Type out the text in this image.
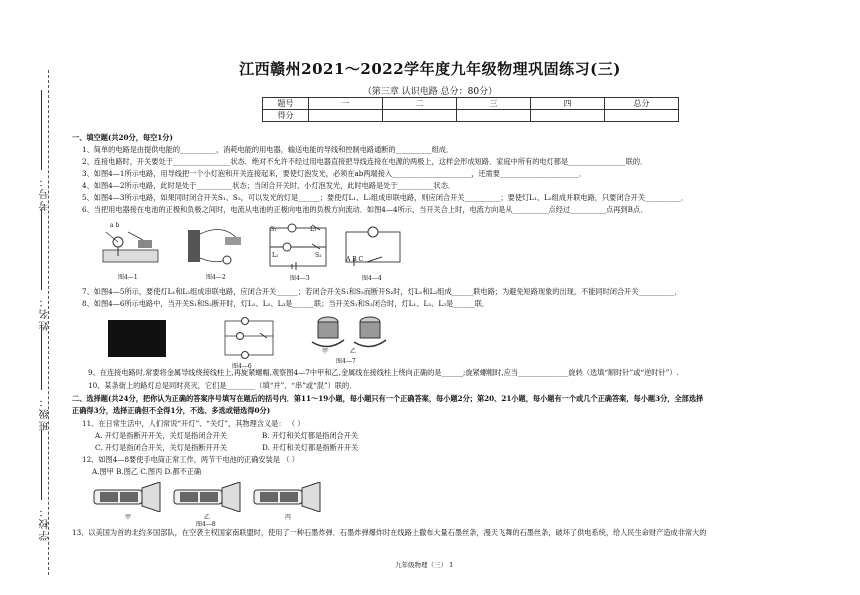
考号：
姓名：
班级：
学校：
江西赣州2021～2022学年度九年级物理巩固练习(三)
（第三章 认识电路 总分：80分）
题号	一	二	三	四	总分
得分					
一、填空题(共20分，每空1分)
1、简单的电路是由提供电能的__________，消耗电能的用电器，输送电能的导线和控制电路通断的__________组成．
2、连接电路时，开关要处于________________状态．绝对不允许不经过用电器直接把导线连接在电源的两极上，这样会形成短路．家庭中所有的电灯都是________________联的．
3、如图4—1所示电路，用导线把一个小灯泡和开关连接起来，要使灯泡发光，必须在ab两端接入______________________，还需要______________________．
4、如图4—2所示电路，此时是处于__________状态；当闭合开关时，小灯泡发光，此时电路是处于__________状态．
5、如图4—3所示电路，如果同时闭合开关S₁、S₂，可以发光的灯是______；要使灯L₁、L₂组成串联电路，则应闭合开关__________；要使灯L₁、L₂组成并联电路，只要闭合开关__________．
6、当把用电器接在电池的正极和负极之间时，电流从电池的正极向电池的负极方向流动．如图4—4所示，当开关合上时，电流方向是从__________点经过__________点再到B点．
a b
图4—1	图4—2
S₁	L₁
L₂	S₂
图4—3
A B C
图4—4
7、如图4—5所示，要使灯L₁和L₂组成串联电路，应闭合开关______；若闭合开关S₁和S₃而断开S₂时，灯L₁和L₂组成______联电路；为避免短路现象的出现，不能同时闭合开关__________．
8、如图4—6所示电路中，当开关S₁和S₂断开时，灯L₁、L₂、L₃是______联；当开关S₁和S₂闭合时，灯L₁、L₂、L₃是______联．
图4—6
甲	乙
图4—7
9、在连接电路时,常要将金属导线绕接线柱上,再旋紧螺帽,观察图4—7中甲和乙,金属线在接线柱上绕向正确的是______;旋紧螺帽时,应当______________旋转（选填“顺时针”或“逆时针”）.
10、某条街上的路灯总是同时亮灭，它们是________（填“并”、“串”或“混”）联的．
二、选择题(共24分，把你认为正确的答案序号填写在题后的括号内．第11～19小题，每小题只有一个正确答案，每小题2分；第20、21小题，每小题有一个或几个正确答案，每小题3分，全部选择
正确得3分，选择正确但不全得1分，不选、多选或错选得0分)
11、在日常生活中，人们常说“开灯”、“关灯”，其物理含义是： （ ）
A. 开灯是指断开开关，关灯是指闭合开关	B. 开灯和关灯都是指闭合开关
C. 开灯是指闭合开关，关灯是指断开开关	D. 开灯和关灯都是指断开开关
12、如图4—8要使手电筒正常工作，两节干电池的正确安装是 （ ）
A.图甲 B.图乙 C.图丙 D.都不正确
甲	乙	丙
图4—8
13、以美国为首的北约多国部队，在空袭主权国家南联盟时，使用了一种石墨炸弹．石墨炸弹爆炸时在线路上撒布大量石墨丝条，漫天飞舞的石墨丝条，破坏了供电系统，给人民生命财产造成非常大的
九年级物理（三） 1
